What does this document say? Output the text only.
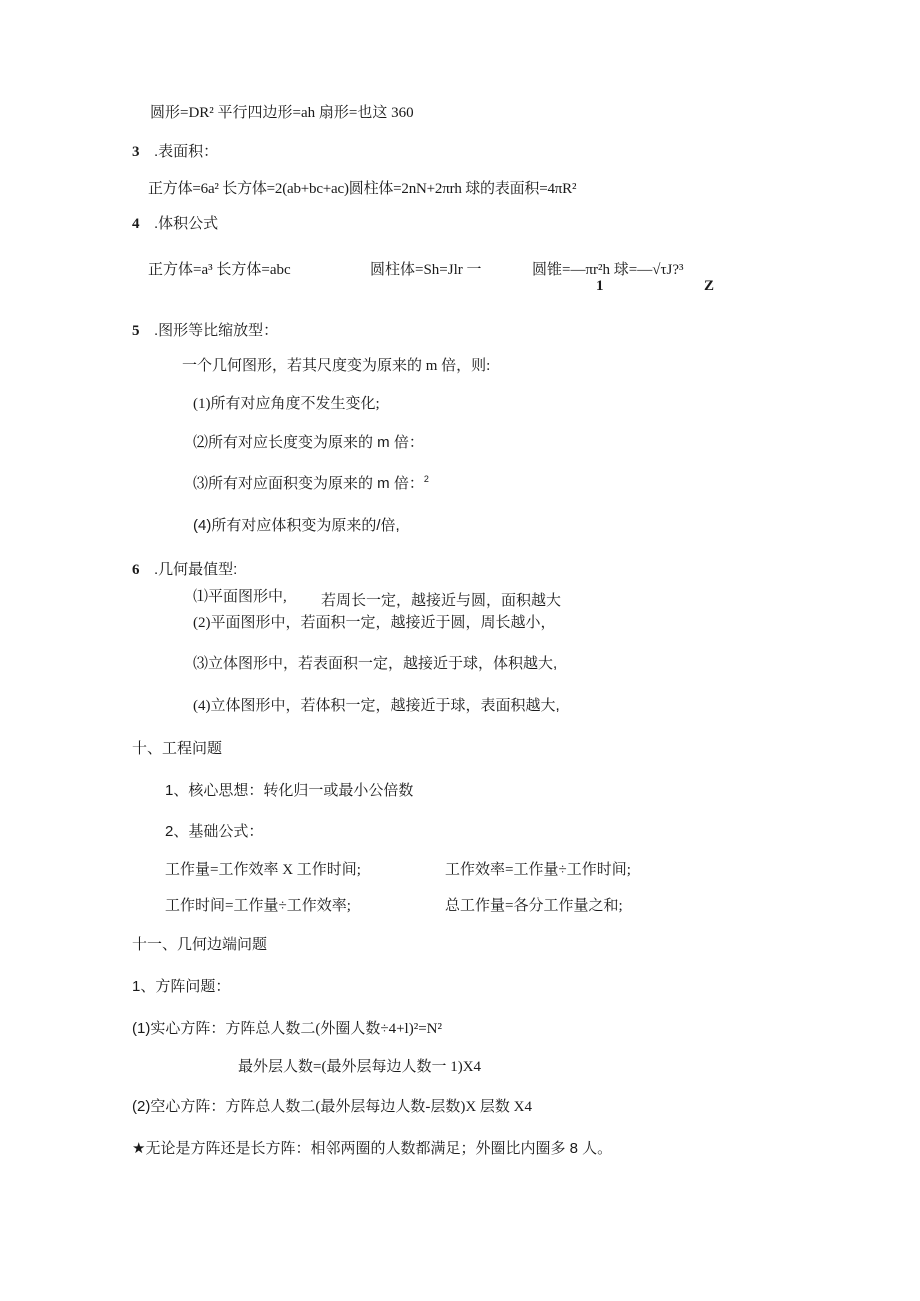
圆形=DR² 平行四边形=ah 扇形=也这 360
3 .表面积：
正方体=6a² 长方体=2(ab+bc+ac)圆柱体=2nN+2πrh 球的表面积=4πR²
4 .体积公式
正方体=a³ 长方体=abc	圆柱体=Sh=Jlr 一	圆锥=—πr²h 球=—√τJ?³
1	Z
5 .图形等比缩放型：
一个几何图形，若其尺度变为原来的 m 倍，则:
(1)所有对应角度不发生变化;
⑵所有对应长度变为原来的 m 倍：
⑶所有对应面积变为原来的 m 倍：$^2$
(4)所有对应体积变为原来的/倍,
6 .几何最值型:
⑴平面图形中, 若周长一定，越接近与圆，面积越大
(2)平面图形中，若面积一定，越接近于圆，周长越小，
⑶立体图形中，若表面积一定，越接近于球，体积越大,
(4)立体图形中，若体积一定，越接近于球，表面积越大,
十、工程问题
1、核心思想：转化归一或最小公倍数
2、基础公式：
工作量=工作效率 X 工作时间;	工作效率=工作量÷工作时间;
工作时间=工作量÷工作效率;	总工作量=各分工作量之和;
十一、几何边端问题
1、方阵问题：
(1)实心方阵：方阵总人数二(外圈人数÷4+l)²=N²
最外层人数=(最外层每边人数一 1)X4
(2)空心方阵：方阵总人数二(最外层每边人数-层数)X 层数 X4
★无论是方阵还是长方阵：相邻两圈的人数都满足；外圈比内圈多 8 人。
